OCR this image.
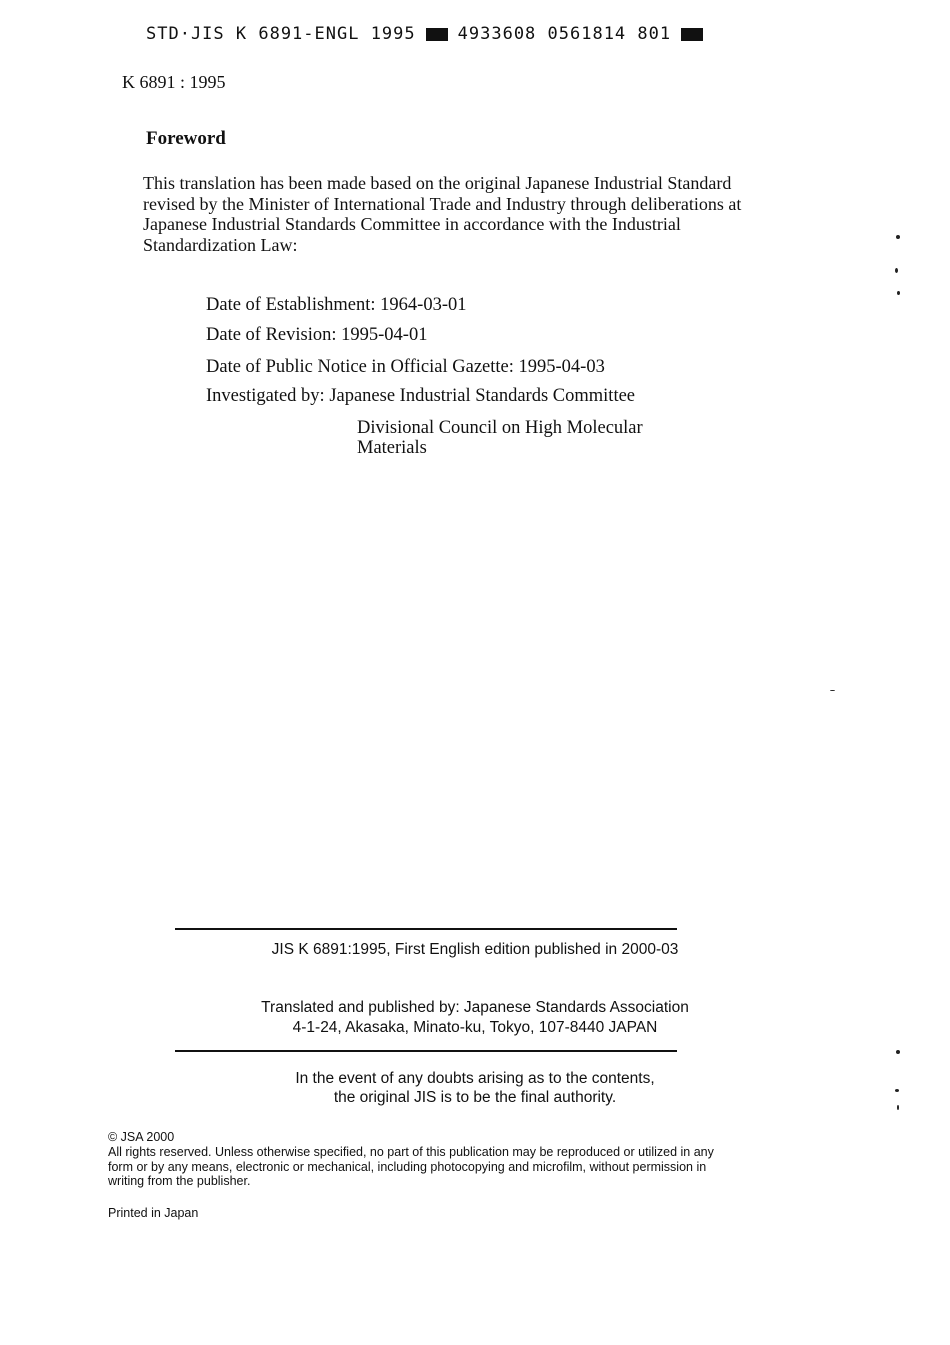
STD·JIS K 6891-ENGL 1995 4933608 0561814 801
K 6891 : 1995
Foreword
This translation has been made based on the original Japanese Industrial Standard revised by the Minister of International Trade and Industry through deliberations at Japanese Industrial Standards Committee in accordance with the Industrial Standardization Law:
Date of Establishment: 1964-03-01
Date of Revision: 1995-04-01
Date of Public Notice in Official Gazette: 1995-04-03
Investigated by: Japanese Industrial Standards Committee
Divisional Council on High Molecular Materials
JIS K 6891:1995, First English edition published in 2000-03
Translated and published by: Japanese Standards Association
4-1-24, Akasaka, Minato-ku, Tokyo, 107-8440 JAPAN
In the event of any doubts arising as to the contents,
the original JIS is to be the final authority.
© JSA 2000
All rights reserved. Unless otherwise specified, no part of this publication may be reproduced or utilized in any form or by any means, electronic or mechanical, including photocopying and microfilm, without permission in writing from the publisher.
Printed in Japan
